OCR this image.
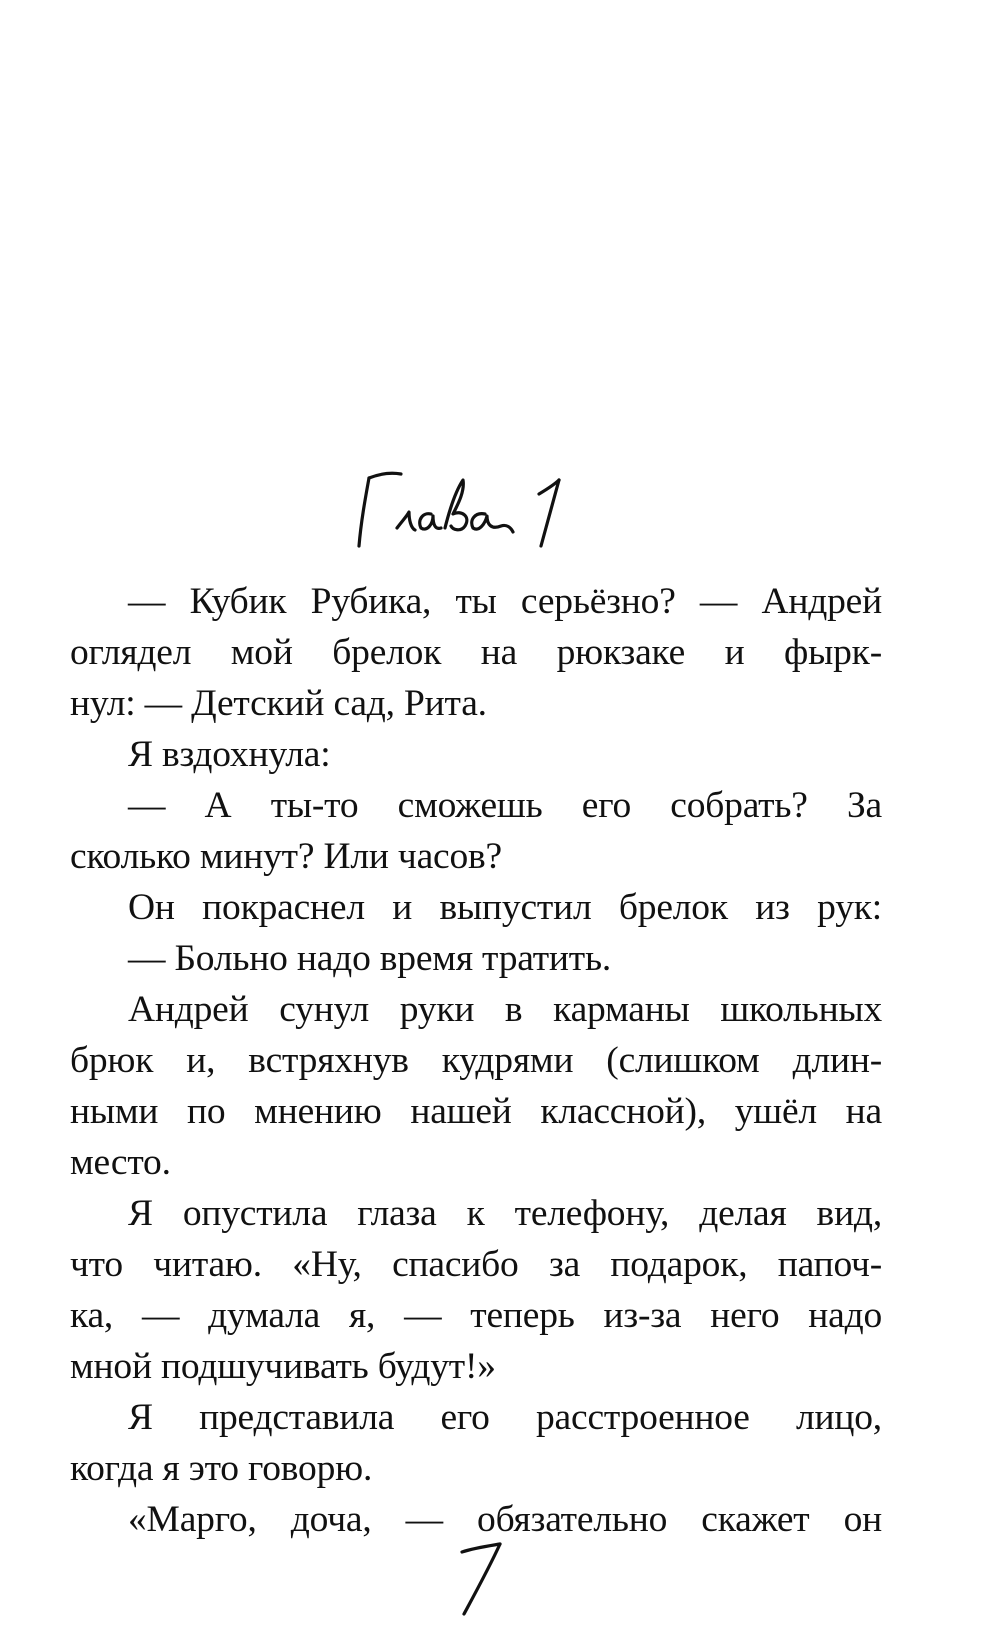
— Кубик Рубика, ты серьёзно? — Андрей
оглядел мой брелок на рюкзаке и фырк-
нул: — Детский сад, Рита.
Я вздохнула:
— А ты-то сможешь его собрать? За
сколько минут? Или часов?
Он покраснел и выпустил брелок из рук:
— Больно надо время тратить.
Андрей сунул руки в карманы школьных
брюк и, встряхнув кудрями (слишком длин-
ными по мнению нашей классной), ушёл на
место.
Я опустила глаза к телефону, делая вид,
что читаю. «Ну, спасибо за подарок, папоч-
ка, — думала я, — теперь из-за него надо
мной подшучивать будут!»
Я представила его расстроенное лицо,
когда я это говорю.
«Марго, доча, — обязательно скажет он
